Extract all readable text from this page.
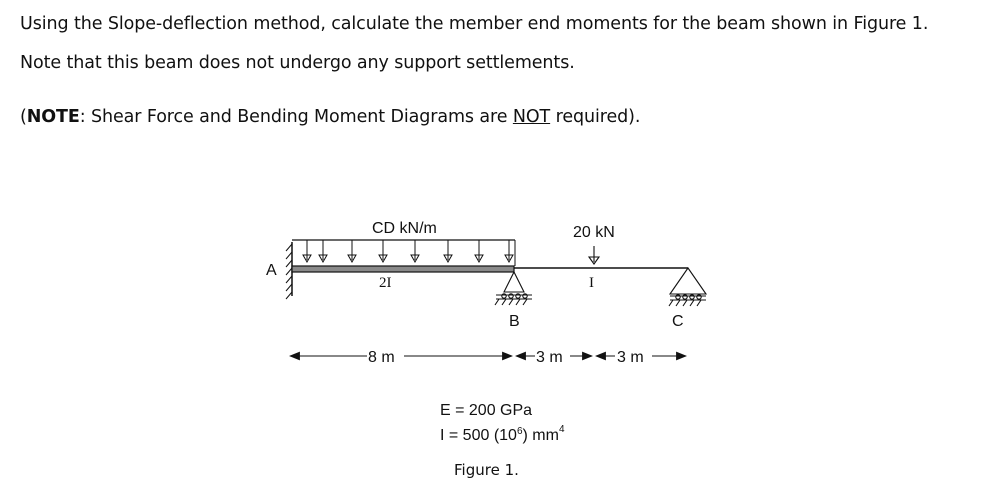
Using the Slope-deflection method, calculate the member end moments for the beam shown in Figure 1.
Note that this beam does not undergo any support settlements.
(NOTE: Shear Force and Bending Moment Diagrams are NOT required).
CD kN/m	20 kN
A
B	C
2I	I
8 m	3 m	3 m
E = 200 GPa
I = 500 $(10^6)$ $mm^4$
Figure 1.
